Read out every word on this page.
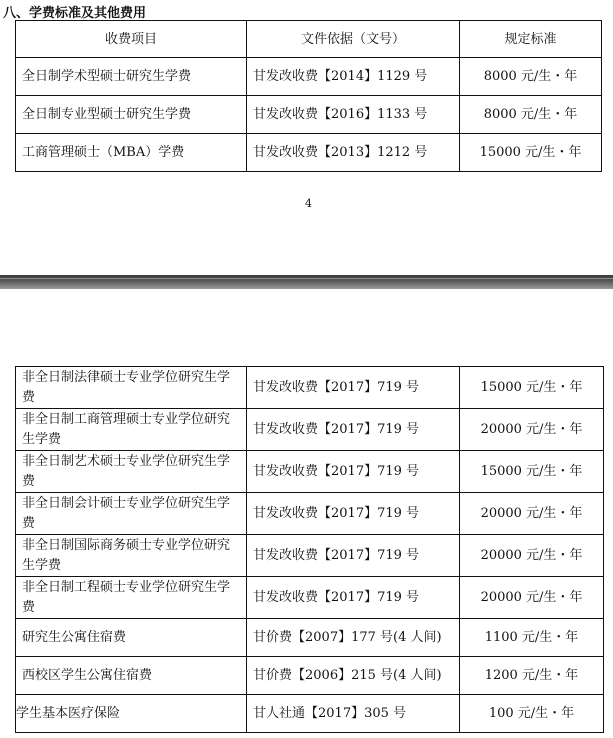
八、学费标准及其他费用
收费项目	文件依据（文号）	规定标准
全日制学术型硕士研究生学费	甘发改收费【2014】1129 号	8000 元/生・年
全日制专业型硕士研究生学费	甘发改收费【2016】1133 号	8000 元/生・年
工商管理硕士（MBA）学费	甘发改收费【2013】1212 号	15000 元/生・年
4
非全日制法律硕士专业学位研究生学费	甘发改收费【2017】719 号	15000 元/生・年
非全日制工商管理硕士专业学位研究生学费	甘发改收费【2017】719 号	20000 元/生・年
非全日制艺术硕士专业学位研究生学费	甘发改收费【2017】719 号	15000 元/生・年
非全日制会计硕士专业学位研究生学费	甘发改收费【2017】719 号	20000 元/生・年
非全日制国际商务硕士专业学位研究生学费	甘发改收费【2017】719 号	20000 元/生・年
非全日制工程硕士专业学位研究生学费	甘发改收费【2017】719 号	20000 元/生・年
研究生公寓住宿费	甘价费【2007】177 号(4 人间)	1100 元/生・年
西校区学生公寓住宿费	甘价费【2006】215 号(4 人间)	1200 元/生・年
学生基本医疗保险	甘人社通【2017】305 号	100 元/生・年
